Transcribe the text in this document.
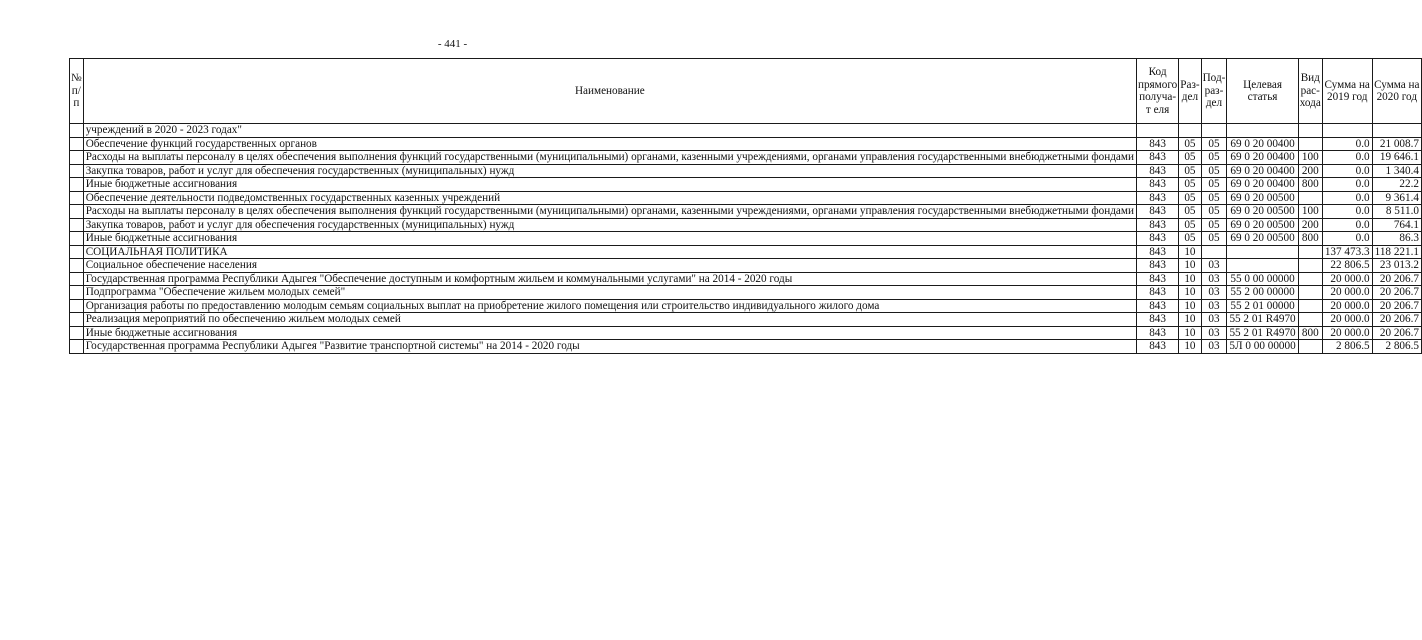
- 441 -
№ п/п	Наименование	Код прямого получа-т еля	Раз- дел	Под- раз- дел	Целевая статья	Вид рас- хода	Сумма на 2019 год	Сумма на 2020 год
	учреждений в 2020 - 2023 годах"							
	Обеспечение функций государственных органов	843	05	05	69 0 20 00400		0.0	21 008.7
	Расходы на выплаты персоналу в целях обеспечения выполнения функций государственными (муниципальными) органами, казенными учреждениями, органами управления государственными внебюджетными фондами	843	05	05	69 0 20 00400	100	0.0	19 646.1
	Закупка товаров, работ и услуг для обеспечения государственных (муниципальных) нужд	843	05	05	69 0 20 00400	200	0.0	1 340.4
	Иные бюджетные ассигнования	843	05	05	69 0 20 00400	800	0.0	22.2
	Обеспечение деятельности подведомственных государственных казенных учреждений	843	05	05	69 0 20 00500		0.0	9 361.4
	Расходы на выплаты персоналу в целях обеспечения выполнения функций государственными (муниципальными) органами, казенными учреждениями, органами управления государственными внебюджетными фондами	843	05	05	69 0 20 00500	100	0.0	8 511.0
	Закупка товаров, работ и услуг для обеспечения государственных (муниципальных) нужд	843	05	05	69 0 20 00500	200	0.0	764.1
	Иные бюджетные ассигнования	843	05	05	69 0 20 00500	800	0.0	86.3
	СОЦИАЛЬНАЯ ПОЛИТИКА	843	10				137 473.3	118 221.1
	Социальное обеспечение населения	843	10	03			22 806.5	23 013.2
	Государственная программа Республики Адыгея "Обеспечение доступным и комфортным жильем и коммунальными услугами" на 2014 - 2020 годы	843	10	03	55 0 00 00000		20 000.0	20 206.7
	Подпрограмма "Обеспечение жильем молодых семей"	843	10	03	55 2 00 00000		20 000.0	20 206.7
	Организация работы по предоставлению молодым семьям социальных выплат на приобретение жилого помещения или строительство индивидуального жилого дома	843	10	03	55 2 01 00000		20 000.0	20 206.7
	Реализация мероприятий по обеспечению жильем молодых семей	843	10	03	55 2 01 R4970		20 000.0	20 206.7
	Иные бюджетные ассигнования	843	10	03	55 2 01 R4970	800	20 000.0	20 206.7
	Государственная программа Республики Адыгея "Развитие транспортной системы" на 2014 - 2020 годы	843	10	03	5Л 0 00 00000		2 806.5	2 806.5
